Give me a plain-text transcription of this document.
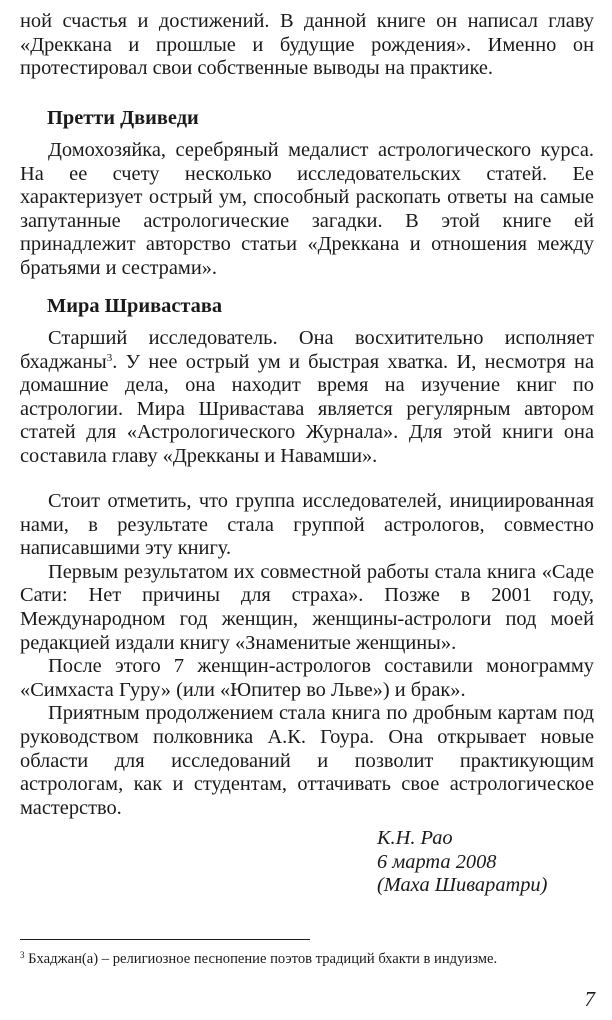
ной счастья и достижений. В данной книге он написал главу «Дреккана и прошлые и будущие рождения». Именно он протестировал свои собственные выводы на практике.

Претти Двиведи

Домохозяйка, серебряный медалист астрологического курса. На ее счету несколько исследовательских статей. Ее характеризует острый ум, способный раскопать ответы на самые запутанные астрологические загадки. В этой книге ей принадлежит авторство статьи «Дреккана и отношения между братьями и сестрами».

Мира Шривастава

Старший исследователь. Она восхитительно исполняет бхаджаны$^3$. У нее острый ум и быстрая хватка. И, несмотря на домашние дела, она находит время на изучение книг по астрологии. Мира Шривастава является регулярным автором статей для «Астрологического Журнала». Для этой книги она составила главу «Дрекканы и Навамши».

Стоит отметить, что группа исследователей, инициированная нами, в результате стала группой астрологов, совместно написавшими эту книгу.

Первым результатом их совместной работы стала книга «Саде Сати: Нет причины для страха». Позже в 2001 году, Международном год женщин, женщины-астрологи под моей редакцией издали книгу «Знаменитые женщины».

После этого 7 женщин-астрологов составили монограмму «Симхаста Гуру» (или «Юпитер во Льве») и брак».

Приятным продолжением стала книга по дробным картам под руководством полковника А.К. Гоура. Она открывает новые области для исследований и позволит практикующим астрологам, как и студентам, оттачивать свое астрологическое мастерство.

К.Н. Рао
6 марта 2008
(Маха Шиваратри)

$^3$ Бхаджан(а) – религиозное песнопение поэтов традиций бхакти в индуизме.

7
